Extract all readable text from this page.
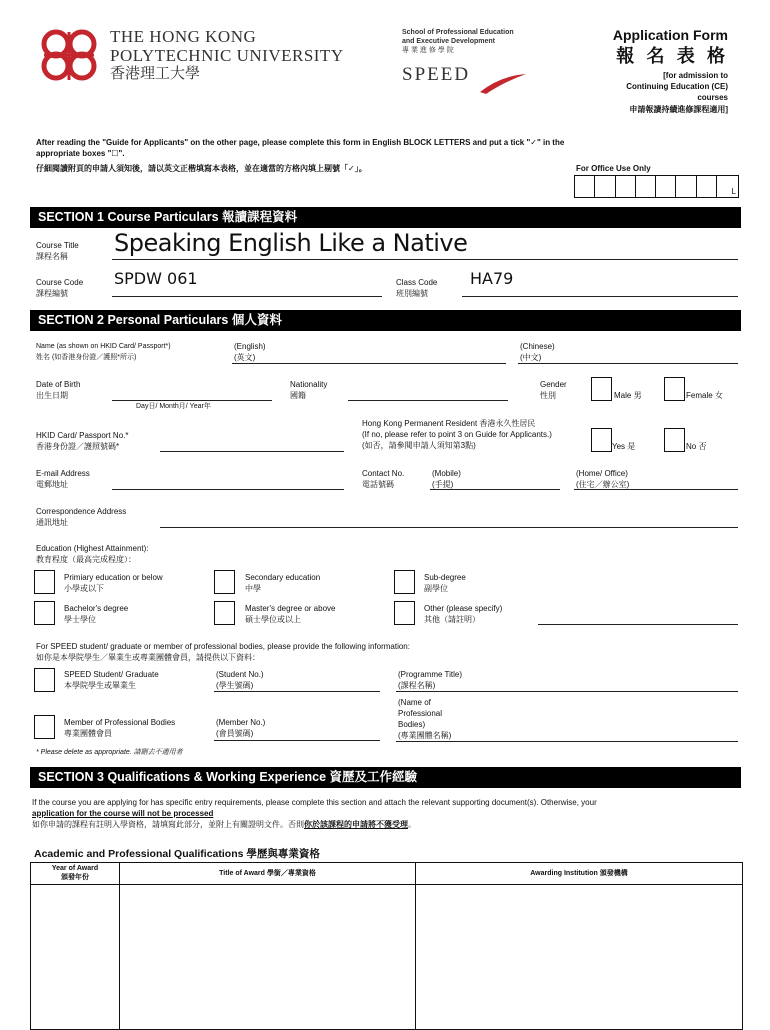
THE HONG KONG
POLYTECHNIC UNIVERSITY
香港理工大學
School of Professional Education
and Executive Development
專 業 進 修 學 院
SPEED
Application Form
報 名 表 格
[for admission to
Continuing Education (CE)
courses
申請報讀持續進修課程適用]
After reading the "Guide for Applicants" on the other page, please complete this form in English BLOCK LETTERS and put a tick "✓" in the
appropriate boxes "☐".
仔細閱讀附頁的申請人須知後，請以英文正楷填寫本表格，並在適當的方格內填上剔號「✓」。	For Office Use Only
L
SECTION 1 Course Particulars 報讀課程資料
Course Title
課程名稱 Speaking English Like a Native
Course Code
課程編號
SPDW 061	Class Code
班別編號
HA79
SECTION 2 Personal Particulars 個人資料
Name (as shown on HKID Card/ Passport*)
姓名 (如香港身份證／護照*所示)
(English)
(英文)
(Chinese)
(中文)
Date of Birth
出生日期
Day日/ Month月/ Year年
Nationality
國籍
Gender
性別	Male 男	Female 女
HKID Card/ Passport No.*
香港身份證／護照號碼*
Hong Kong Permanent Resident 香港永久性居民
(If no, please refer to point 3 on Guide for Applicants.)
(如否，請參閱申請人須知第3點)	Yes 是	No 否
E-mail Address
電郵地址
Contact No.
電話號碼
(Mobile)
(手提)
(Home/ Office)
(住宅／辦公室)
Correspondence Address
通訊地址
Education (Highest Attainment):
教育程度（最高完成程度）：
Primiary education or below
小學或以下
Secondary education
中學
Sub-degree
副學位
Bachelor's degree
學士學位
Master's degree or above
碩士學位或以上
Other (please specify)
其他（請註明）
For SPEED student/ graduate or member of professional bodies, please provide the following information:
如你是本學院學生／畢業生或專業團體會員，請提供以下資料：
SPEED Student/ Graduate
本學院學生或畢業生
(Student No.)
(學生號碼)
(Programme Title)
(課程名稱)
(Name of
Professional
Bodies)
(專業團體名稱)
Member of Professional Bodies
專業團體會員
(Member No.)
(會員號碼)
* Please delete as appropriate. 請刪去不適用者
SECTION 3 Qualifications & Working Experience 資歷及工作經驗
If the course you are applying for has specific entry requirements, please complete this section and attach the relevant supporting document(s). Otherwise, your
application for the course will not be processed
如你申請的課程有註明入學資格，請填寫此部分，並附上有關證明文件。否則你於該課程的申請將不獲受理。
Academic and Professional Qualifications 學歷與專業資格
Year of Award
頒發年份	Title of Award 學銜／專業資格	Awarding Institution 頒發機構
